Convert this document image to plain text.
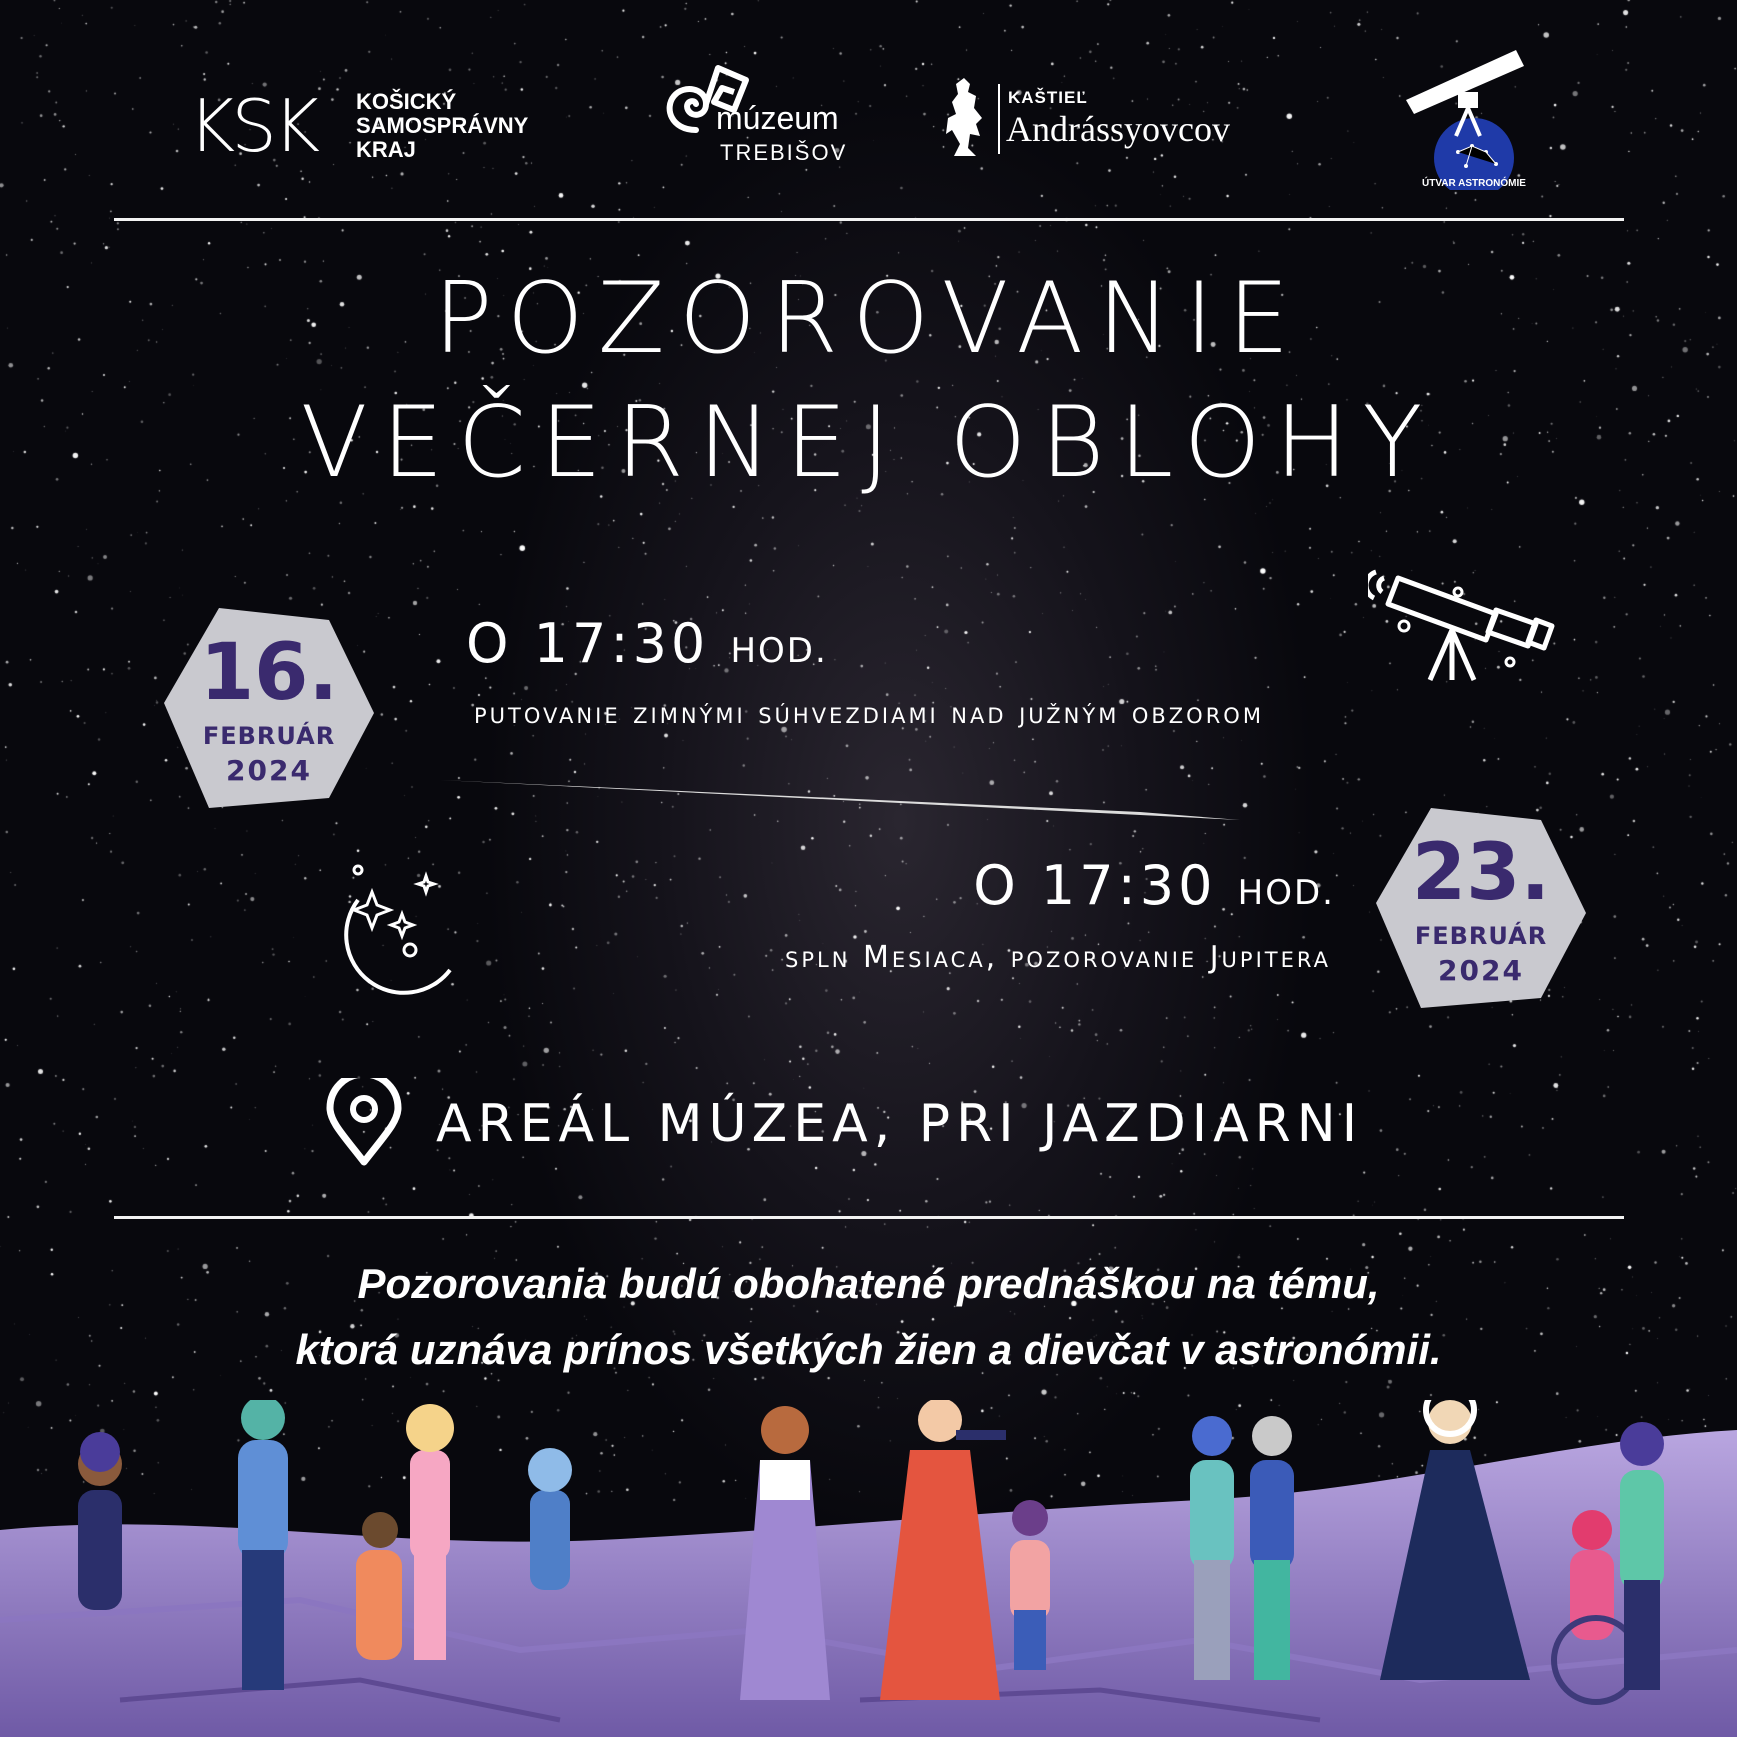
KSK KOŠICKÝ
SAMOSPRÁVNY
KRAJ
múzeum
TREBIŠOV
KAŠTIEĽ
Andrássyovcov
ÚTVAR ASTRONÓMIE
POZOROVANIE
VEČERNEJ OBLOHY
16.
FEBRUÁR
2024
O 17:30 HOD.
putovanie zimnými súhvezdiami nad južným obzorom
O 17:30 HOD.
spln Mesiaca, pozorovanie Jupitera
23.
FEBRUÁR
2024
AREÁL MÚZEA, PRI JAZDIARNI
Pozorovania budú obohatené prednáškou na tému,
ktorá uznáva prínos všetkých žien a dievčat v astronómii.
